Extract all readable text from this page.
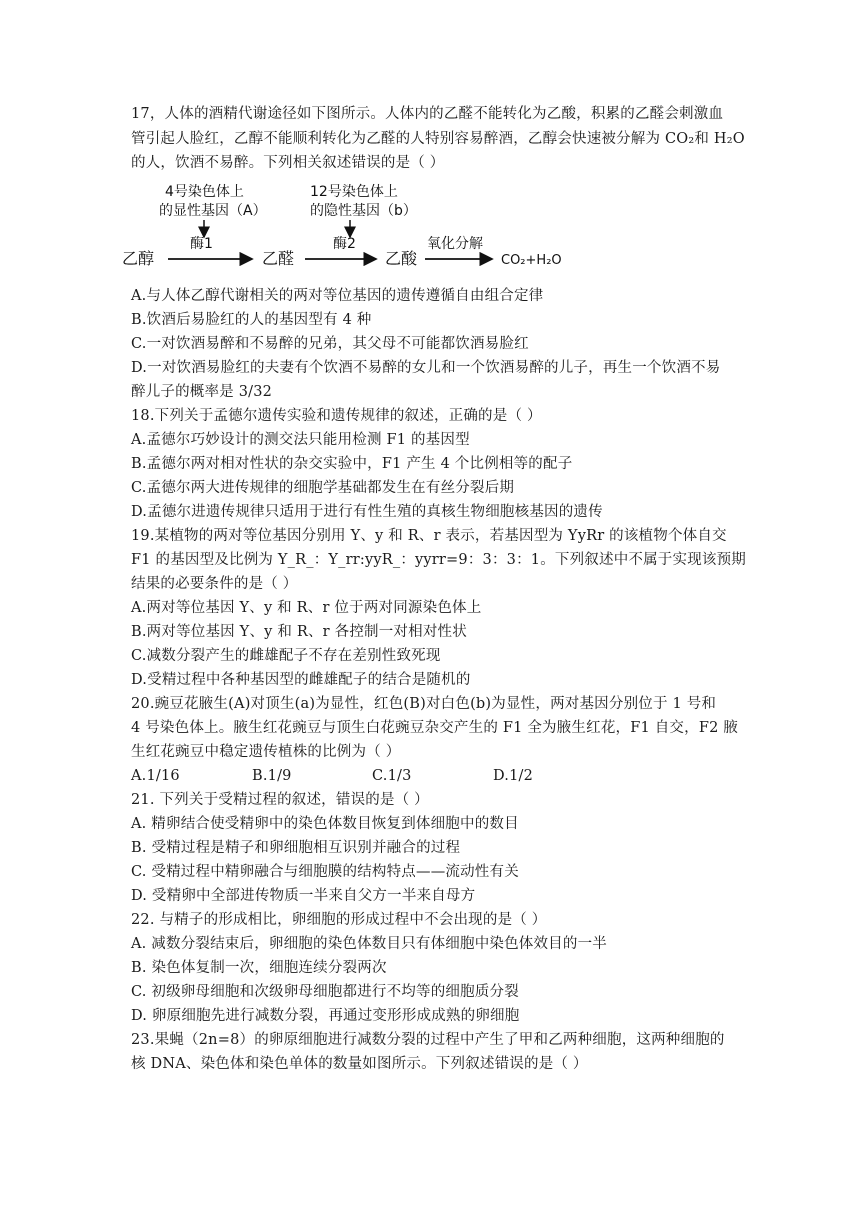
17，人体的酒精代谢途径如下图所示。人体内的乙醛不能转化为乙酸，积累的乙醛会刺激血
管引起人脸红，乙醇不能顺利转化为乙醛的人特别容易醉酒，乙醇会快速被分解为 CO₂和 H₂O
的人，饮酒不易醉。下列相关叙述错误的是（ ）
4号染色体上
的显性基因（A）
12号染色体上
的隐性基因（b）
乙醇
酶1
乙醛
酶2
乙酸
氧化分解
CO₂+H₂O
A.与人体乙醇代谢相关的两对等位基因的遗传遵循自由组合定律
B.饮酒后易脸红的人的基因型有 4 种
C.一对饮酒易醉和不易醉的兄弟，其父母不可能都饮酒易脸红
D.一对饮酒易脸红的夫妻有个饮酒不易醉的女儿和一个饮酒易醉的儿子，再生一个饮酒不易
醉儿子的概率是 3/32
18.下列关于孟德尔遗传实验和遗传规律的叙述，正确的是（ ）
A.孟德尔巧妙设计的测交法只能用检测 F1 的基因型
B.孟德尔两对相对性状的杂交实验中，F1 产生 4 个比例相等的配子
C.孟德尔两大进传规律的细胞学基础都发生在有丝分裂后期
D.孟德尔进遗传规律只适用于进行有性生殖的真核生物细胞核基因的遗传
19.某植物的两对等位基因分别用 Y、y 和 R、r 表示，若基因型为 YyRr 的该植物个体自交
F1 的基因型及比例为 Y_R_：Y_rr:yyR_：yyrr=9：3：3：1。下列叙述中不属于实现该预期
结果的必要条件的是（ ）
A.两对等位基因 Y、y 和 R、r 位于两对同源染色体上
B.两对等位基因 Y、y 和 R、r 各控制一对相对性状
C.减数分裂产生的雌雄配子不存在差别性致死现
D.受精过程中各种基因型的雌雄配子的结合是随机的
20.豌豆花腋生(A)对顶生(a)为显性，红色(B)对白色(b)为显性，两对基因分别位于 1 号和
4 号染色体上。腋生红花豌豆与顶生白花豌豆杂交产生的 F1 全为腋生红花，F1 自交，F2 腋
生红花豌豆中稳定遗传植株的比例为（ ）
A.1/16	B.1/9	C.1/3	D.1/2
21. 下列关于受精过程的叙述，错误的是（ ）
A. 精卵结合使受精卵中的染色体数目恢复到体细胞中的数目
B. 受精过程是精子和卵细胞相互识别并融合的过程
C. 受精过程中精卵融合与细胞膜的结构特点——流动性有关
D. 受精卵中全部进传物质一半来自父方一半来自母方
22. 与精子的形成相比，卵细胞的形成过程中不会出现的是（ ）
A. 减数分裂结束后，卵细胞的染色体数目只有体细胞中染色体效目的一半
B. 染色体复制一次，细胞连续分裂两次
C. 初级卵母细胞和次级卵母细胞都进行不均等的细胞质分裂
D. 卵原细胞先进行减数分裂，再通过变形形成成熟的卵细胞
23.果蝇（2n=8）的卵原细胞进行减数分裂的过程中产生了甲和乙两种细胞，这两种细胞的
核 DNA、染色体和染色单体的数量如图所示。下列叙述错误的是（ ）
